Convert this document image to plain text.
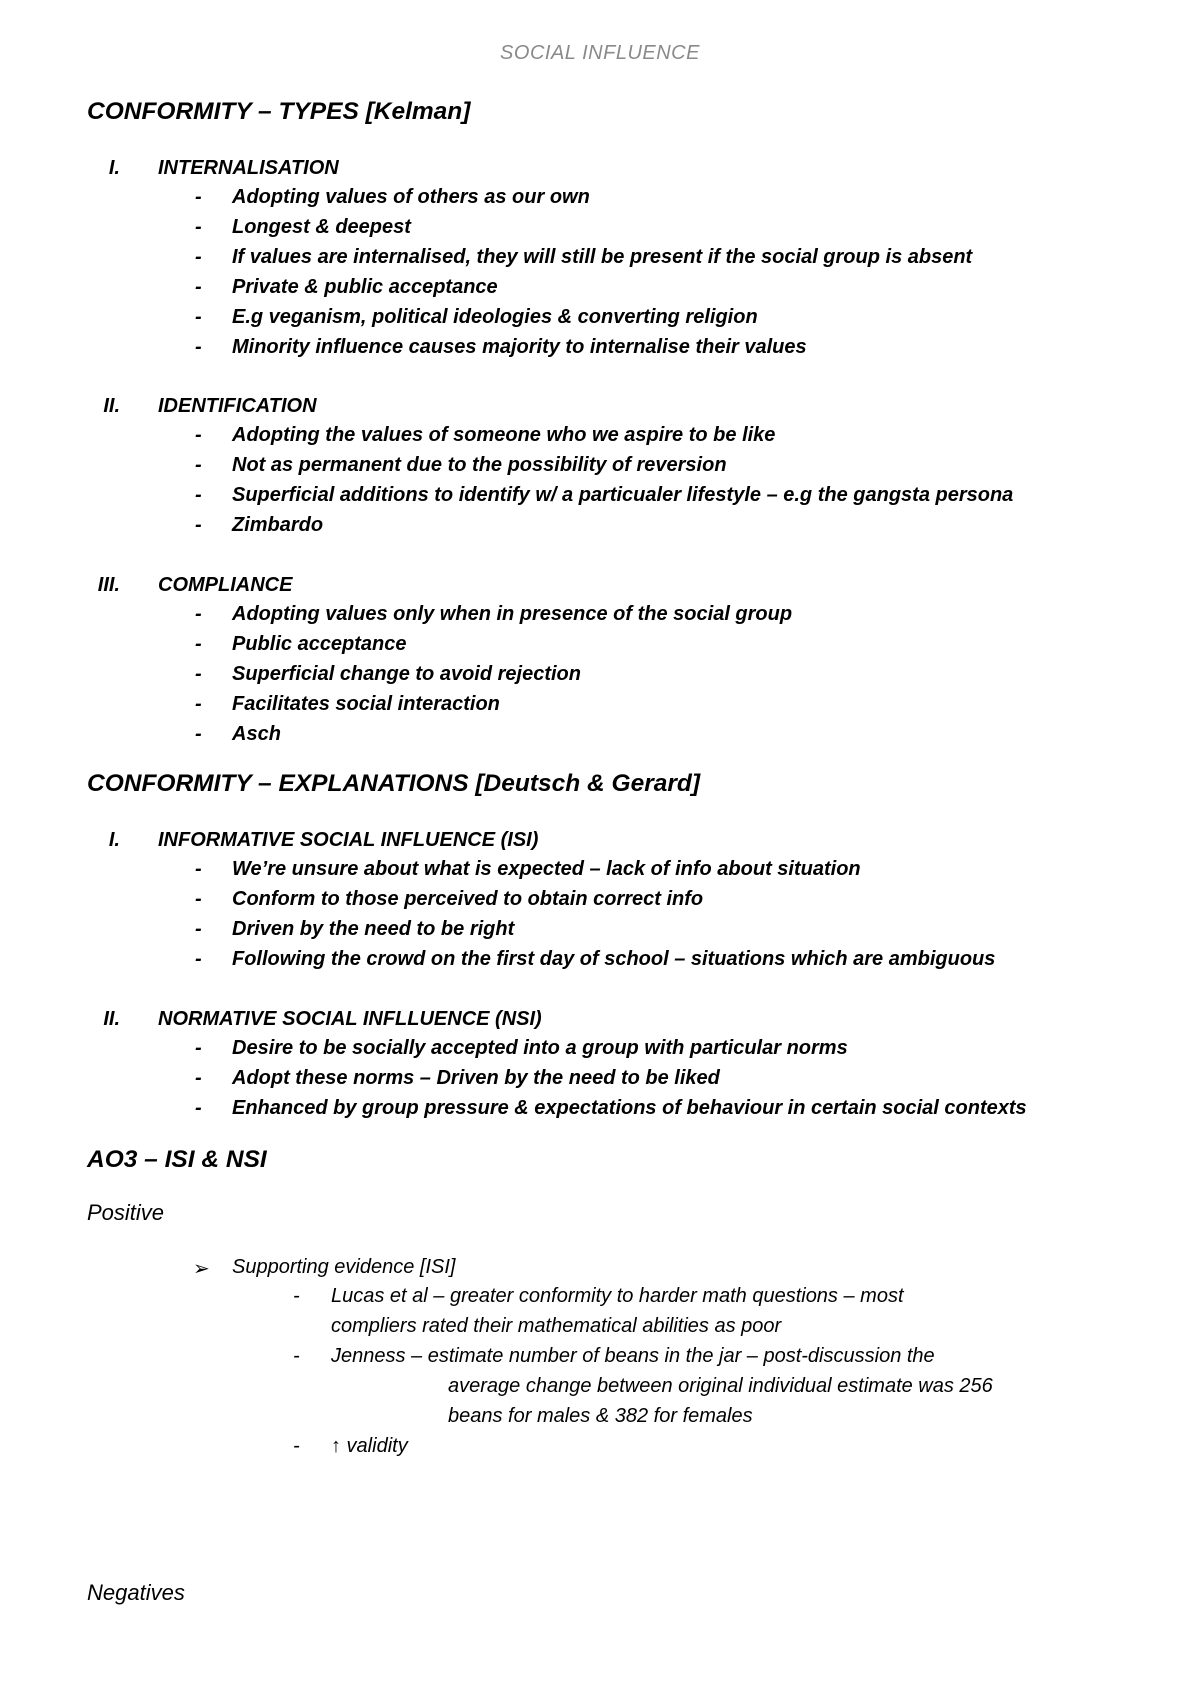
SOCIAL INFLUENCE
CONFORMITY – TYPES [Kelman]
I. INTERNALISATION
- Adopting values of others as our own
- Longest & deepest
- If values are internalised, they will still be present if the social group is absent
- Private & public acceptance
- E.g veganism, political ideologies & converting religion
- Minority influence causes majority to internalise their values
II. IDENTIFICATION
- Adopting the values of someone who we aspire to be like
- Not as permanent due to the possibility of reversion
- Superficial additions to identify w/ a particualer lifestyle – e.g the gangsta persona
- Zimbardo
III. COMPLIANCE
- Adopting values only when in presence of the social group
- Public acceptance
- Superficial change to avoid rejection
- Facilitates social interaction
- Asch
CONFORMITY – EXPLANATIONS [Deutsch & Gerard]
I. INFORMATIVE SOCIAL INFLUENCE (ISI)
- We’re unsure about what is expected – lack of info about situation
- Conform to those perceived to obtain correct info
- Driven by the need to be right
- Following the crowd on the first day of school – situations which are ambiguous
II. NORMATIVE SOCIAL INFLLUENCE (NSI)
- Desire to be socially accepted into a group with particular norms
- Adopt these norms – Driven by the need to be liked
- Enhanced by group pressure & expectations of behaviour in certain social contexts
AO3 – ISI & NSI
Positive
➢ Supporting evidence [ISI]
- Lucas et al – greater conformity to harder math questions – most
compliers rated their mathematical abilities as poor
- Jenness – estimate number of beans in the jar – post-discussion the
average change between original individual estimate was 256
beans for males & 382 for females
- ↑ validity
Negatives
